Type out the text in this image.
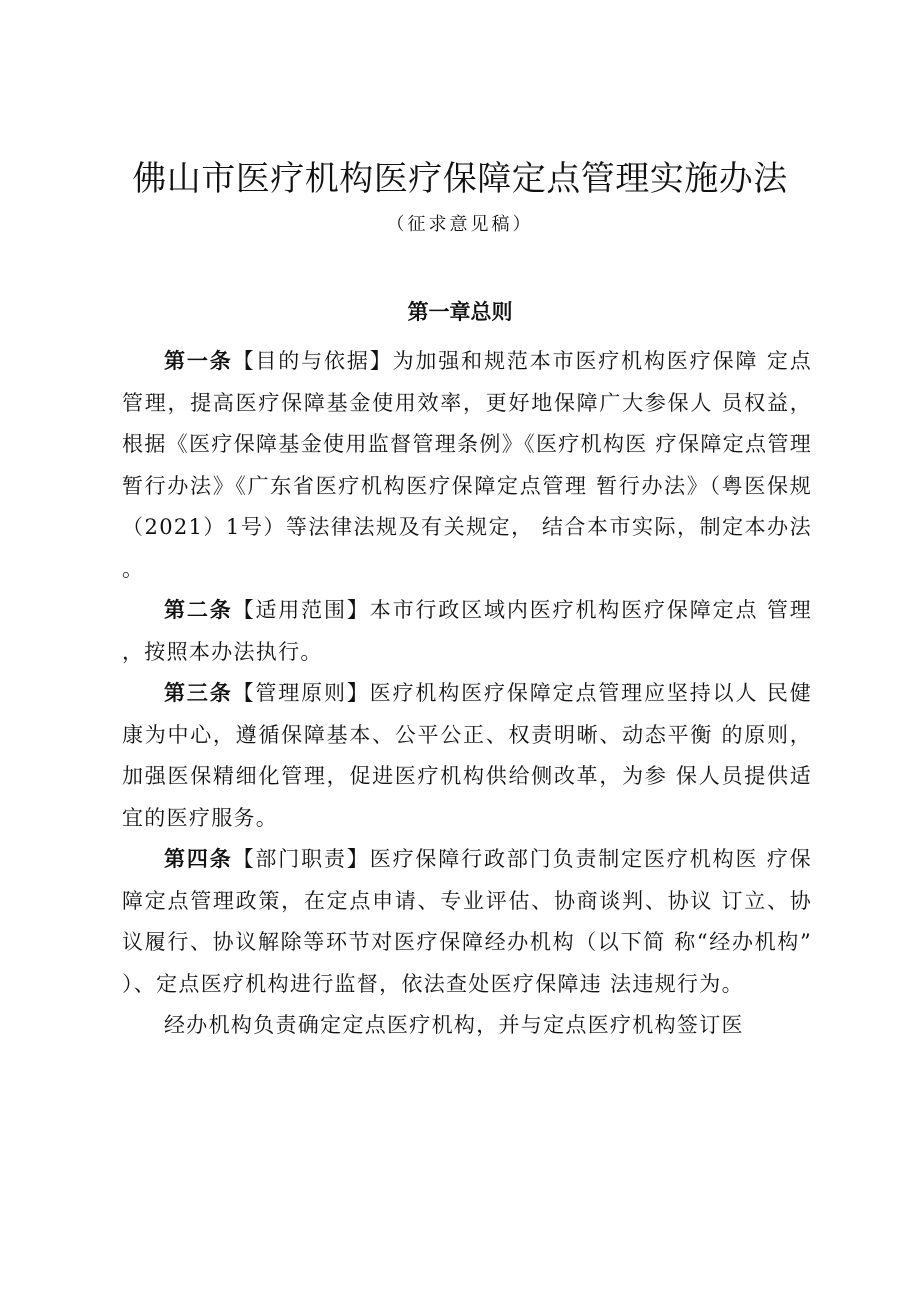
佛山市医疗机构医疗保障定点管理实施办法
（征求意见稿）
第一章总则

第一条【目的与依据】为加强和规范本市医疗机构医疗保障 定点管理，提高医疗保障基金使用效率，更好地保障广大参保人 员权益，根据《医疗保障基金使用监督管理条例》《医疗机构医 疗保障定点管理暂行办法》《广东省医疗机构医疗保障定点管理 暂行办法》（粤医保规（2021）1号）等法律法规及有关规定， 结合本市实际，制定本办法。

第二条【适用范围】本市行政区域内医疗机构医疗保障定点 管理，按照本办法执行。

第三条【管理原则】医疗机构医疗保障定点管理应坚持以人 民健康为中心，遵循保障基本、公平公正、权责明晰、动态平衡 的原则，加强医保精细化管理，促进医疗机构供给侧改革，为参 保人员提供适宜的医疗服务。

第四条【部门职责】医疗保障行政部门负责制定医疗机构医 疗保障定点管理政策，在定点申请、专业评估、协商谈判、协议 订立、协议履行、协议解除等环节对医疗保障经办机构（以下简 称“经办机构”）、定点医疗机构进行监督，依法查处医疗保障违 法违规行为。

经办机构负责确定定点医疗机构，并与定点医疗机构签订医
